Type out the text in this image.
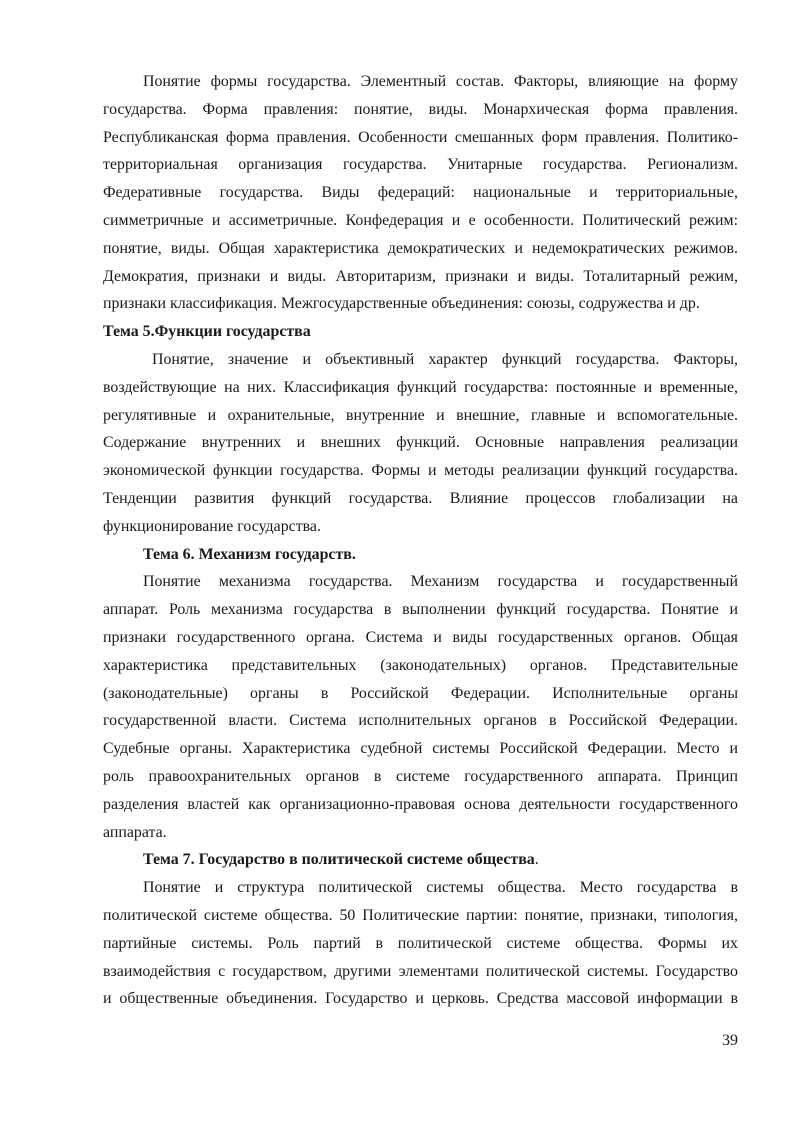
Понятие формы государства. Элементный состав. Факторы, влияющие на форму
государства. Форма правления: понятие, виды. Монархическая форма правления.
Республиканская форма правления. Особенности смешанных форм правления. Политико-
территориальная организация государства. Унитарные государства. Регионализм.
Федеративные государства. Виды федераций: национальные и территориальные,
симметричные и ассиметричные. Конфедерация и е особенности. Политический режим:
понятие, виды. Общая характеристика демократических и недемократических режимов.
Демократия, признаки и виды. Авторитаризм, признаки и виды. Тоталитарный режим,
признаки классификация. Межгосударственные объединения: союзы, содружества и др.
Тема 5.Функции государства
Понятие, значение и объективный характер функций государства. Факторы,
воздействующие на них. Классификация функций государства: постоянные и временные,
регулятивные и охранительные, внутренние и внешние, главные и вспомогательные.
Содержание внутренних и внешних функций. Основные направления реализации
экономической функции государства. Формы и методы реализации функций государства.
Тенденции развития функций государства. Влияние процессов глобализации на
функционирование государства.
Тема 6. Механизм государств.
Понятие механизма государства. Механизм государства и государственный
аппарат. Роль механизма государства в выполнении функций государства. Понятие и
признаки государственного органа. Система и виды государственных органов. Общая
характеристика представительных (законодательных) органов. Представительные
(законодательные) органы в Российской Федерации. Исполнительные органы
государственной власти. Система исполнительных органов в Российской Федерации.
Судебные органы. Характеристика судебной системы Российской Федерации. Место и
роль правоохранительных органов в системе государственного аппарата. Принцип
разделения властей как организационно-правовая основа деятельности государственного
аппарата.
Тема 7. Государство в политической системе общества.
Понятие и структура политической системы общества. Место государства в
политической системе общества. 50 Политические партии: понятие, признаки, типология,
партийные системы. Роль партий в политической системе общества. Формы их
взаимодействия с государством, другими элементами политической системы. Государство
и общественные объединения. Государство и церковь. Средства массовой информации в
39
